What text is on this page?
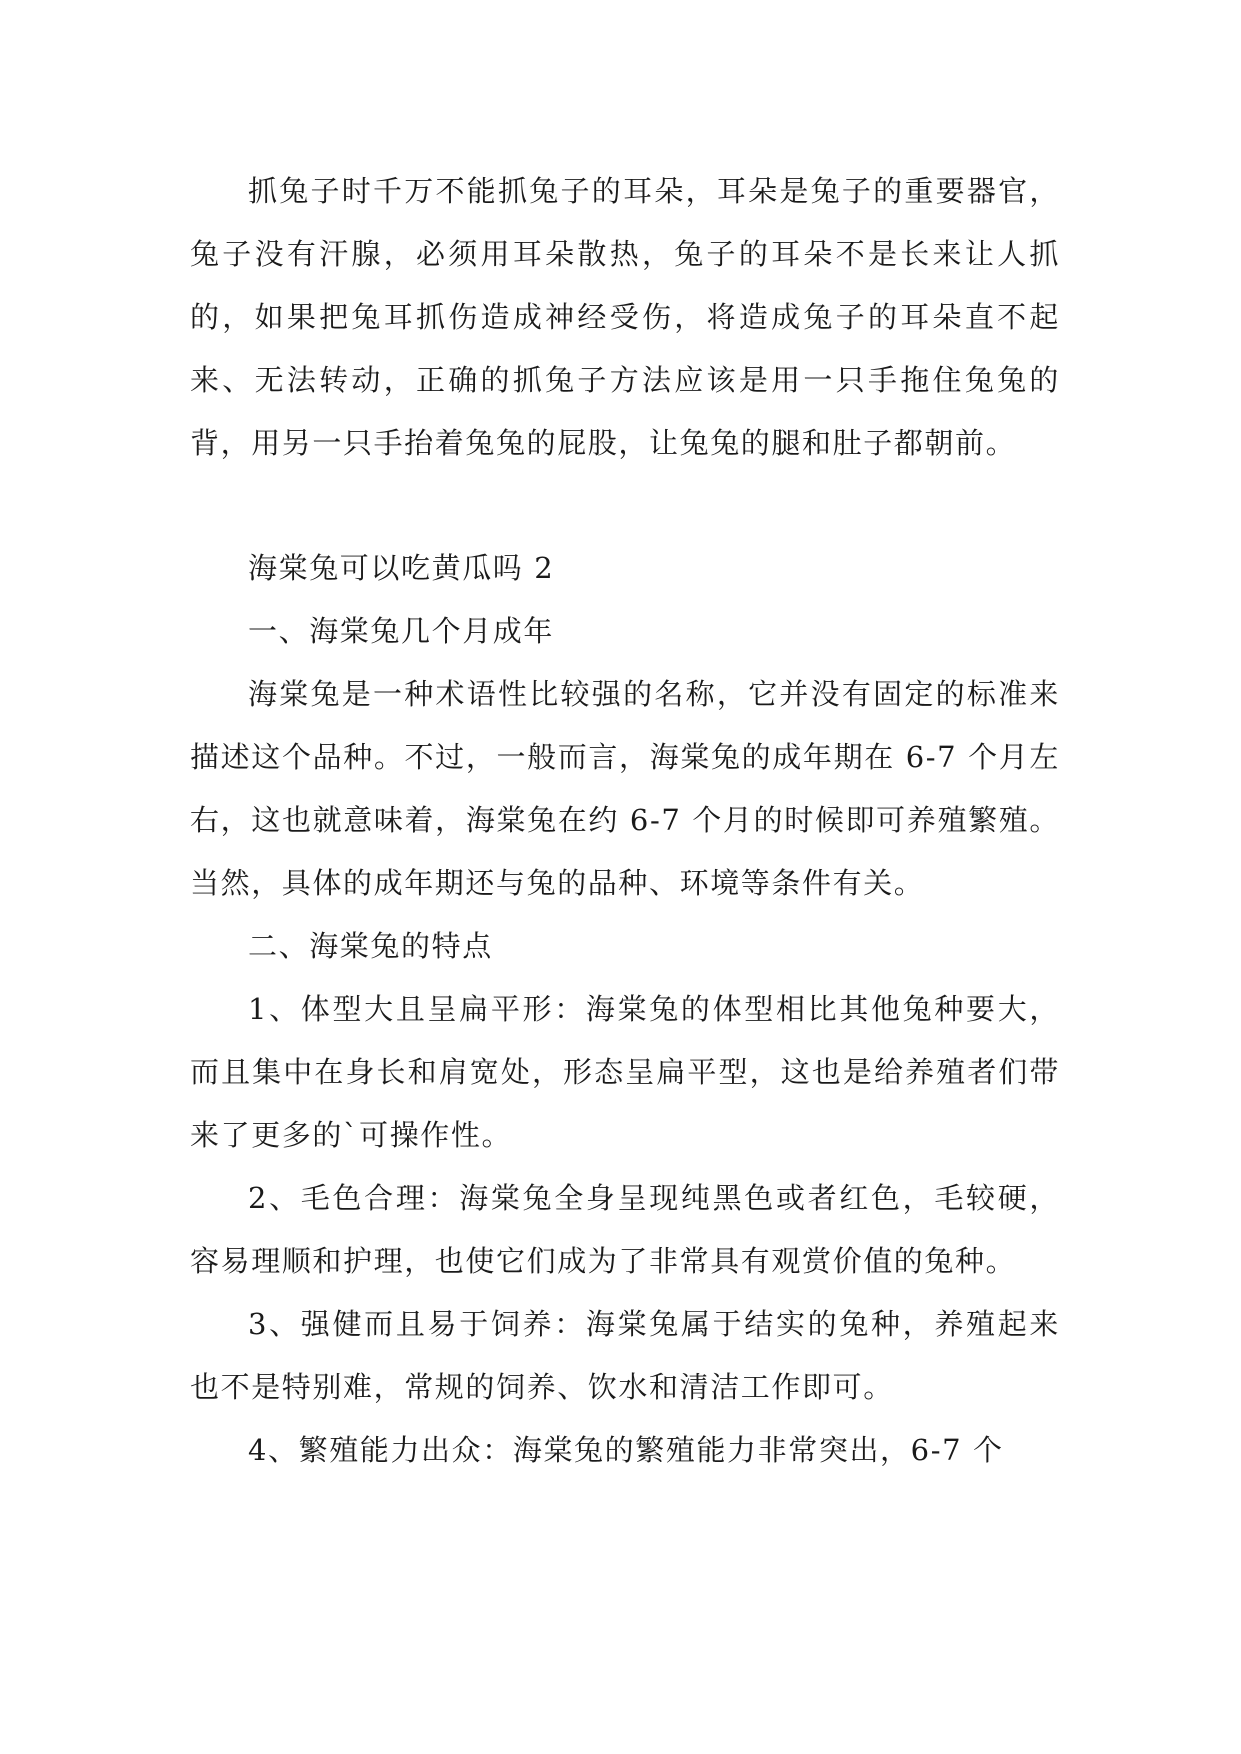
抓兔子时千万不能抓兔子的耳朵，耳朵是兔子的重要器官，兔子没有汗腺，必须用耳朵散热，兔子的耳朵不是长来让人抓的，如果把兔耳抓伤造成神经受伤，将造成兔子的耳朵直不起来、无法转动，正确的抓兔子方法应该是用一只手拖住兔兔的背，用另一只手抬着兔兔的屁股，让兔兔的腿和肚子都朝前。

海棠兔可以吃黄瓜吗 2

一、海棠兔几个月成年

海棠兔是一种术语性比较强的名称，它并没有固定的标准来描述这个品种。不过，一般而言，海棠兔的成年期在 6-7 个月左右，这也就意味着，海棠兔在约 6-7 个月的时候即可养殖繁殖。当然，具体的成年期还与兔的品种、环境等条件有关。

二、海棠兔的特点

1、体型大且呈扁平形：海棠兔的体型相比其他兔种要大，而且集中在身长和肩宽处，形态呈扁平型，这也是给养殖者们带来了更多的`可操作性。

2、毛色合理：海棠兔全身呈现纯黑色或者红色，毛较硬，容易理顺和护理，也使它们成为了非常具有观赏价值的兔种。

3、强健而且易于饲养：海棠兔属于结实的兔种，养殖起来也不是特别难，常规的饲养、饮水和清洁工作即可。

4、繁殖能力出众：海棠兔的繁殖能力非常突出，6-7 个
